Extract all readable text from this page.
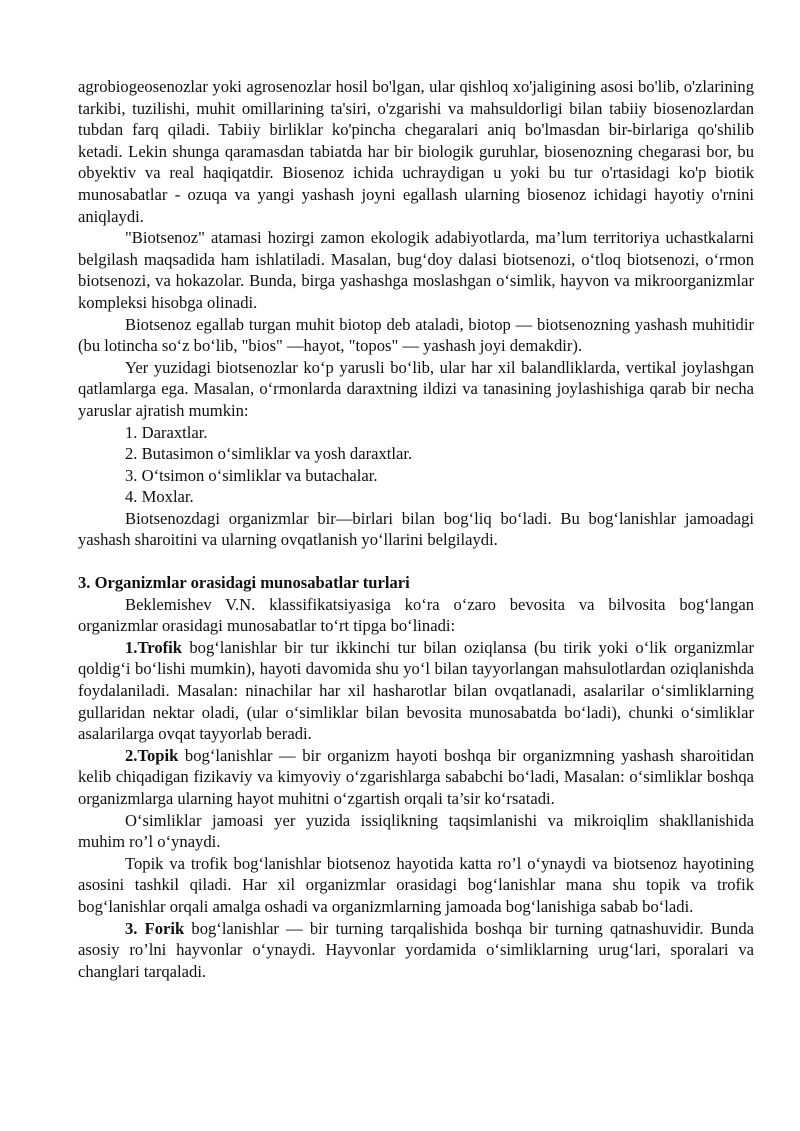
agrobiogeosenozlar yoki agrosenozlar hosil bo'lgan, ular qishloq xo'jaligining asosi bo'lib, o'zlarining tarkibi, tuzilishi, muhit omillarining ta'siri, o'zgarishi va mahsuldorligi bilan tabiiy biosenozlardan tubdan farq qiladi. Tabiiy birliklar ko'pincha chegaralari aniq bo'lmasdan bir-birlariga qo'shilib ketadi. Lekin shunga qaramasdan tabiatda har bir biologik guruhlar, biosenozning chegarasi bor, bu obyektiv va real haqiqatdir. Biosenoz ichida uchraydigan u yoki bu tur o'rtasidagi ko'p biotik munosabatlar - ozuqa va yangi yashash joyni egallash ularning biosenoz ichidagi hayotiy o'rnini aniqlaydi.

"Biotsenoz" atamasi hozirgi zamon ekologik adabiyotlarda, ma’lum territoriya uchastkalarni belgilash maqsadida ham ishlatiladi. Masalan, bug‘doy dalasi biotsenozi, o‘tloq biotsenozi, o‘rmon biotsenozi, va hokazolar. Bunda, birga yashashga moslashgan o‘simlik, hayvon va mikroorganizmlar kompleksi hisobga olinadi.

Biotsenoz egallab turgan muhit biotop deb ataladi, biotop — biotsenozning yashash muhitidir (bu lotincha so‘z bo‘lib, "bios" —hayot, "topos" — yashash joyi demakdir).

Yer yuzidagi biotsenozlar ko‘p yarusli bo‘lib, ular har xil balandliklarda, vertikal joylashgan qatlamlarga ega. Masalan, o‘rmonlarda daraxtning ildizi va tanasining joylashishiga qarab bir necha yaruslar ajratish mumkin:

1. Daraxtlar.

2. Butasimon o‘simliklar va yosh daraxtlar.

3. O‘tsimon o‘simliklar va butachalar.

4. Moxlar.

Biotsenozdagi organizmlar bir—birlari bilan bog‘liq bo‘ladi. Bu bog‘lanishlar jamoadagi yashash sharoitini va ularning ovqatlanish yo‘llarini belgilaydi.

3. Organizmlar orasidagi munosabatlar turlari

Beklemishev V.N. klassifikatsiyasiga ko‘ra o‘zaro bevosita va bilvosita bog‘langan organizmlar orasidagi munosabatlar to‘rt tipga bo‘linadi:

1.Trofik bog‘lanishlar bir tur ikkinchi tur bilan oziqlansa (bu tirik yoki o‘lik organizmlar qoldig‘i bo‘lishi mumkin), hayoti davomida shu yo‘l bilan tayyorlangan mahsulotlardan oziqlanishda foydalaniladi. Masalan: ninachilar har xil hasharotlar bilan ovqatlanadi, asalarilar o‘simliklarning gullaridan nektar oladi, (ular o‘simliklar bilan bevosita munosabatda bo‘ladi), chunki o‘simliklar asalarilarga ovqat tayyorlab beradi.

2.Topik bog‘lanishlar — bir organizm hayoti boshqa bir organizmning yashash sharoitidan kelib chiqadigan fizikaviy va kimyoviy o‘zgarishlarga sababchi bo‘ladi, Masalan: o‘simliklar boshqa organizmlarga ularning hayot muhitni o‘zgartish orqali ta’sir ko‘rsatadi.

O‘simliklar jamoasi yer yuzida issiqlikning taqsimlanishi va mikroiqlim shakllanishida muhim ro’l o‘ynaydi.

Topik va trofik bog‘lanishlar biotsenoz hayotida katta ro’l o‘ynaydi va biotsenoz hayotining asosini tashkil qiladi. Har xil organizmlar orasidagi bog‘lanishlar mana shu topik va trofik bog‘lanishlar orqali amalga oshadi va organizmlarning jamoada bog‘lanishiga sabab bo‘ladi.

3. Forik bog‘lanishlar — bir turning tarqalishida boshqa bir turning qatnashuvidir. Bunda asosiy ro’lni hayvonlar o‘ynaydi. Hayvonlar yordamida o‘simliklarning urug‘lari, sporalari va changlari tarqaladi.
